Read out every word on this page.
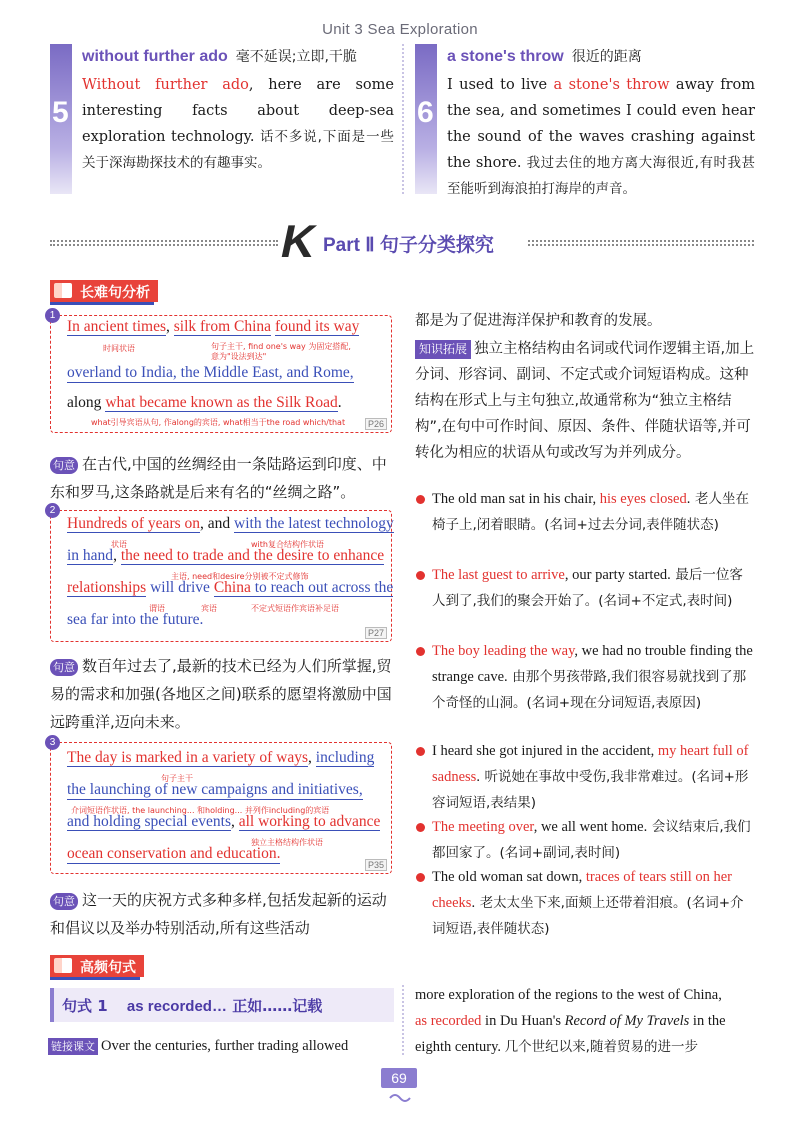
Unit 3 Sea Exploration
5
without further ado 毫不延误;立即,干脆
Without further ado, here are some interesting facts about deep-sea exploration technology. 话不多说,下面是一些关于深海勘探技术的有趣事实。
6
a stone's throw 很近的距离
I used to live a stone's throw away from the sea, and sometimes I could even hear the sound of the waves crashing against the shore. 我过去住的地方离大海很近,有时我甚至能听到海浪拍打海岸的声音。
K Part Ⅱ 句子分类探究
长难句分析
1
In ancient times, silk from China found its way
时间状语	句子主干, find one's way 为固定搭配,
意为"设法到达"
overland to India, the Middle East, and Rome,
along what became known as the Silk Road.
what引导宾语从句, 作along的宾语, what相当于the road which/that	P26
句意 在古代,中国的丝绸经由一条陆路运到印度、中东和罗马,这条路就是后来有名的“丝绸之路”。
2
Hundreds of years on, and with the latest technology
状语	with复合结构作状语
in hand, the need to trade and the desire to enhance
主语, need和desire分别被不定式修饰
relationships will drive China to reach out across the
谓语	宾语	不定式短语作宾语补足语
sea far into the future.
P27
句意 数百年过去了,最新的技术已经为人们所掌握,贸易的需求和加强(各地区之间)联系的愿望将激励中国远跨重洋,迈向未来。
3
The day is marked in a variety of ways, including
句子主干
the launching of new campaigns and initiatives,
介词短语作状语, the launching... 和holding... 并列作including的宾语
and holding special events, all working to advance
独立主格结构作状语
ocean conservation and education.
P35
句意 这一天的庆祝方式多种多样,包括发起新的运动和倡议以及举办特别活动,所有这些活动
都是为了促进海洋保护和教育的发展。
知识拓展 独立主格结构由名词或代词作逻辑主语,加上分词、形容词、副词、不定式或介词短语构成。这种结构在形式上与主句独立,故通常称为“独立主格结构”,在句中可作时间、原因、条件、伴随状语等,并可转化为相应的状语从句或改写为并列成分。
The old man sat in his chair, his eyes closed. 老人坐在椅子上,闭着眼睛。(名词+过去分词,表伴随状态)
The last guest to arrive, our party started. 最后一位客人到了,我们的聚会开始了。(名词+不定式,表时间)
The boy leading the way, we had no trouble finding the strange cave. 由那个男孩带路,我们很容易就找到了那个奇怪的山洞。(名词+现在分词短语,表原因)
I heard she got injured in the accident, my heart full of sadness. 听说她在事故中受伤,我非常难过。(名词+形容词短语,表结果)
The meeting over, we all went home. 会议结束后,我们都回家了。(名词+副词,表时间)
The old woman sat down, traces of tears still on her cheeks. 老太太坐下来,面颊上还带着泪痕。(名词+介词短语,表伴随状态)
高频句式
句式 1 as recorded… 正如……记载
链接课文 Over the centuries, further trading allowed
more exploration of the regions to the west of China,
as recorded in Du Huan's Record of My Travels in the
eighth century. 几个世纪以来,随着贸易的进一步
69
